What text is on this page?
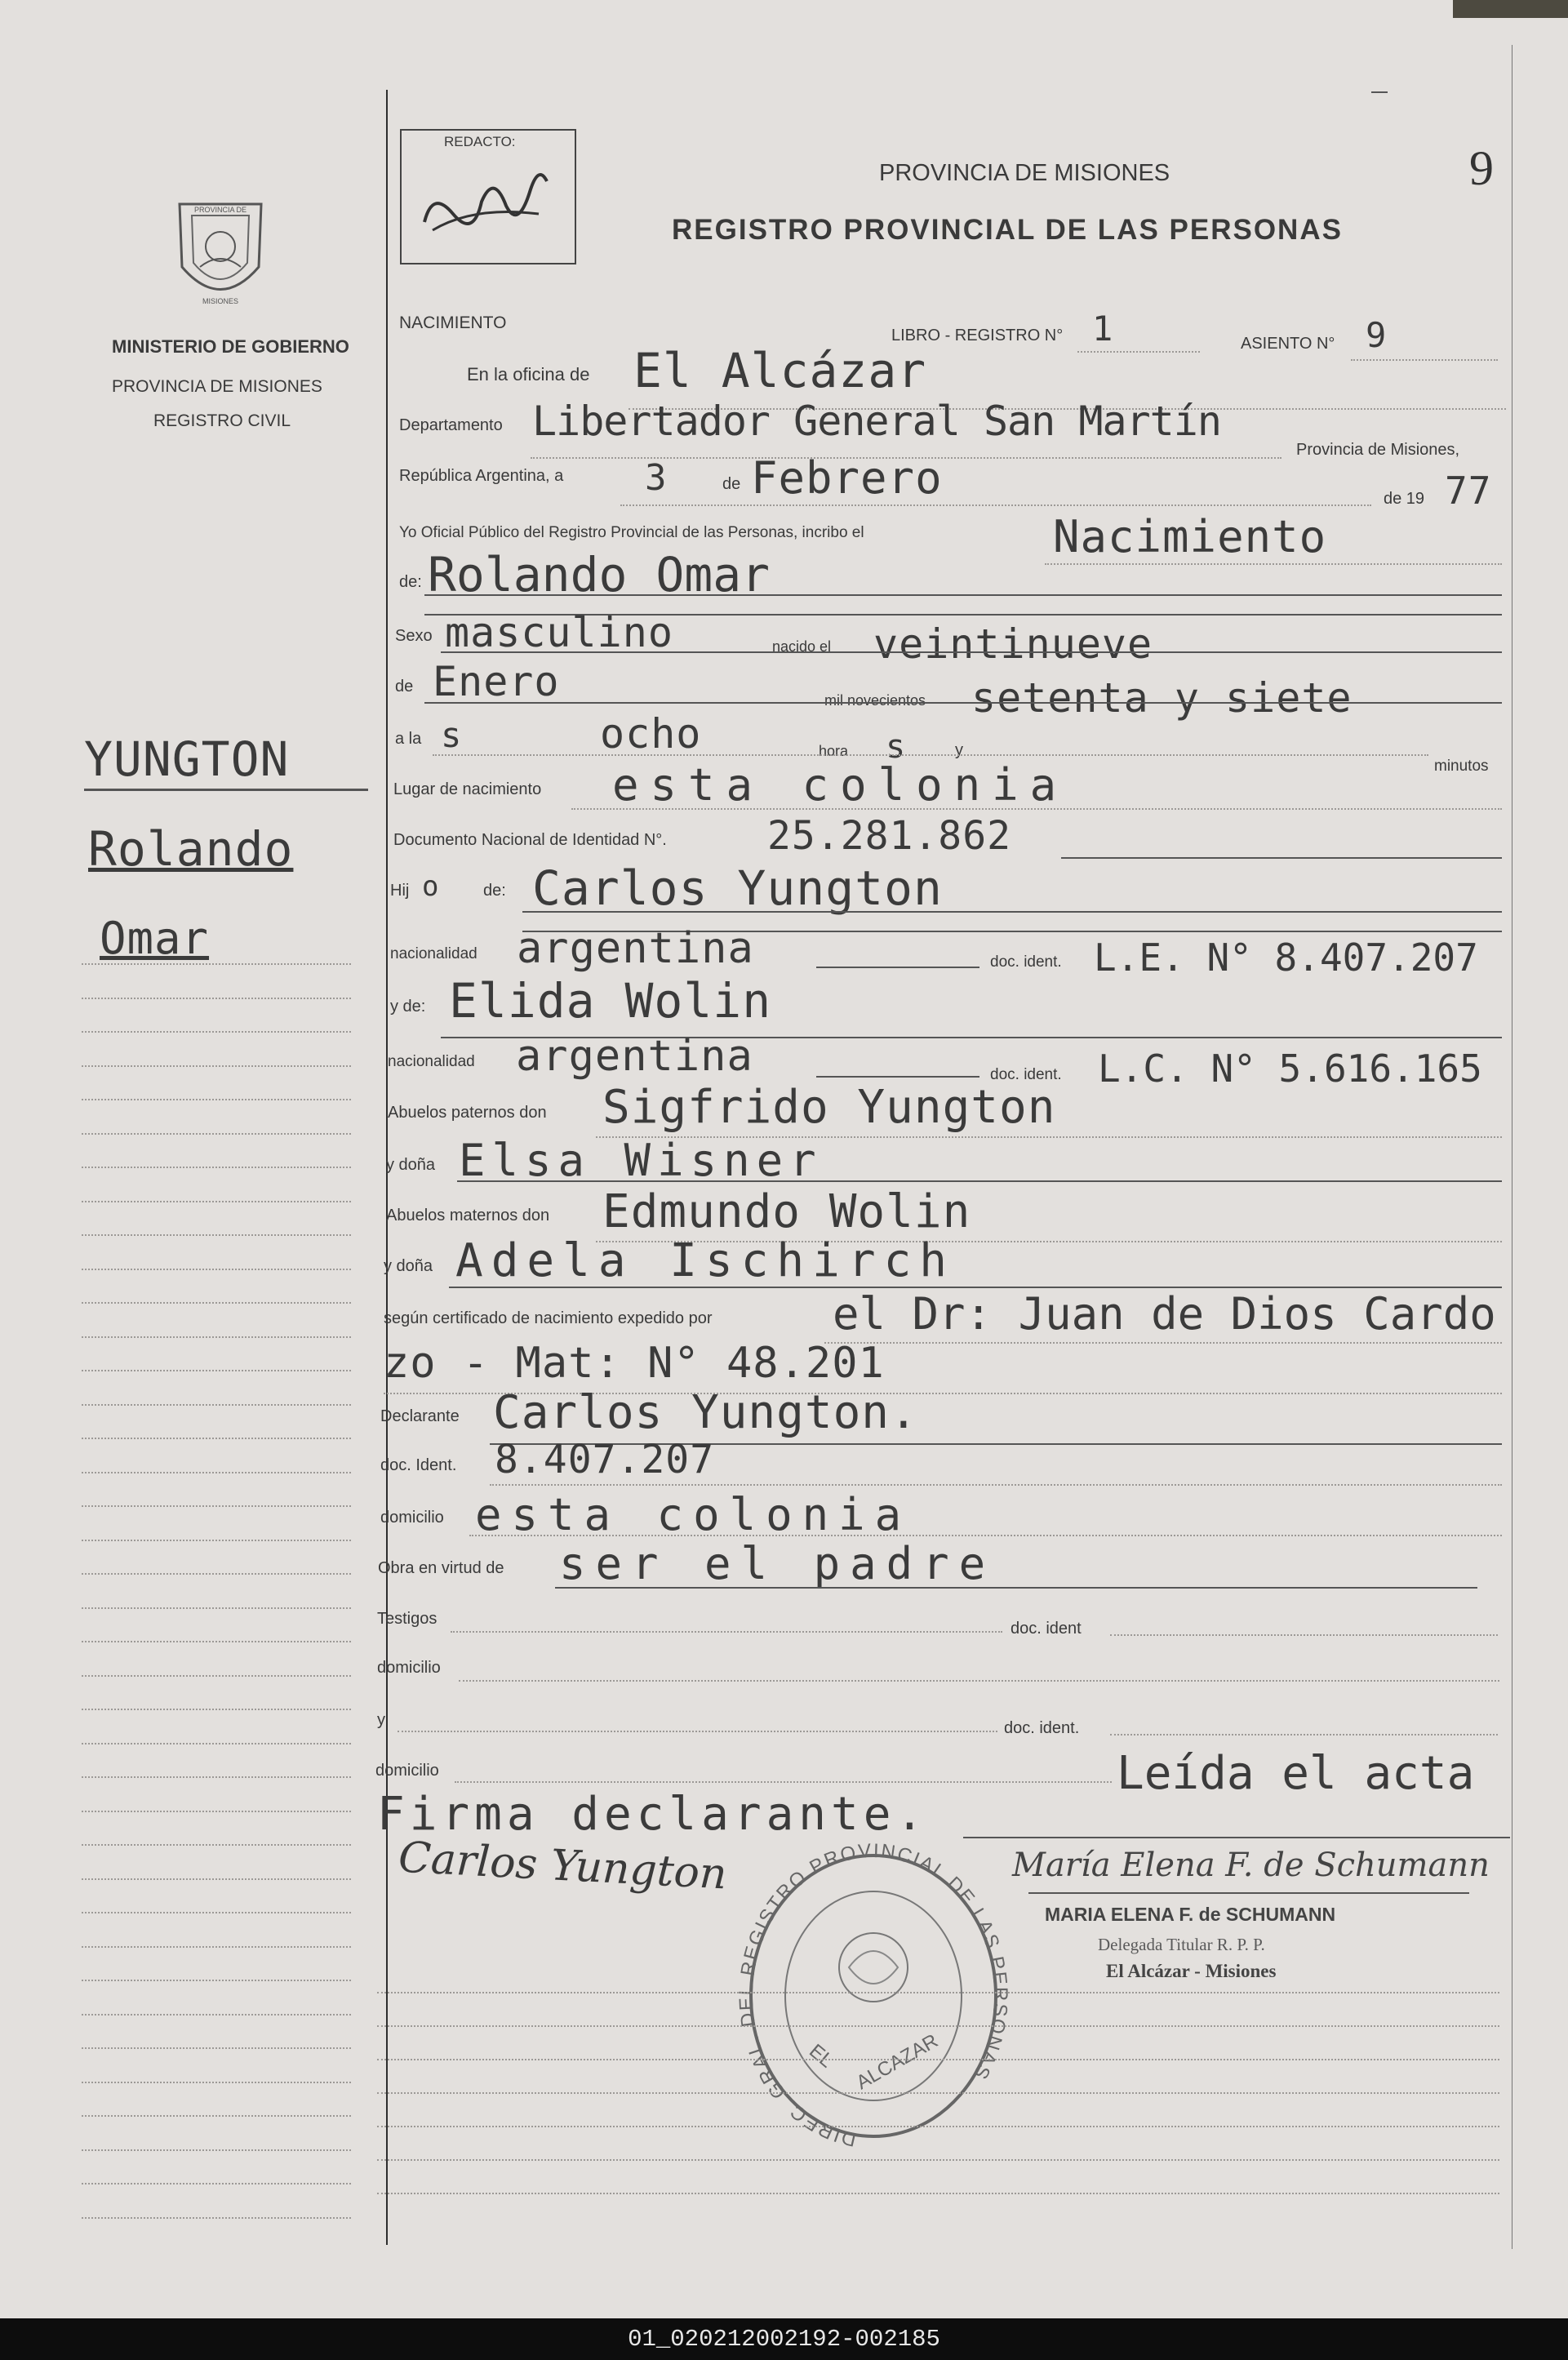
PROVINCIA DE
MISIONES
MINISTERIO DE GOBIERNO
PROVINCIA DE MISIONES
REGISTRO CIVIL
YUNGTON
Rolando
Omar
REDACTO:
PROVINCIA DE MISIONES
REGISTRO PROVINCIAL DE LAS PERSONAS
9
NACIMIENTO
LIBRO - REGISTRO N° 1	ASIENTO N° 9
En la oficina de El Alcázar
Departamento Libertador General San Martín
Provincia de Misiones,
República Argentina, a 3	de Febrero	de 19 77
Yo Oficial Público del Registro Provincial de las Personas, incribo el	Nacimiento
de: Rolando Omar
Sexo masculino	nacido el veintinueve
de Enero	mil novecientos setenta y siete
a la s	ocho	hora s	y
minutos
Lugar de nacimiento esta colonia
Documento Nacional de Identidad N°.	25.281.862
Hij o	de: Carlos Yungton
nacionalidad argentina	doc. ident. L.E. N° 8.407.207
y de: Elida Wolin
nacionalidad argentina	doc. ident. L.C. N° 5.616.165
Abuelos paternos don Sigfrido Yungton
y doña Elsa Wisner
Abuelos maternos don Edmundo Wolin
y doña Adela Ischirch
según certificado de nacimiento expedido por	el Dr: Juan de Dios Cardo
zo - Mat: N° 48.201
Declarante Carlos Yungton.
doc. Ident. 8.407.207
domicilio esta colonia
Obra en virtud de ser el padre
Testigos
doc. ident
domicilio
y	doc. ident.
domicilio	Leída el acta
Firma declarante.
Carlos Yungton	María Elena F. de Schumann
MARIA ELENA F. de SCHUMANN
Delegada Titular R. P. P.
El Alcázar - Misiones
DIREC. GRAL. DEL REGISTRO PROVINCIAL DE LAS PERSONAS
EL ALCAZAR
01_020212002192-002185
